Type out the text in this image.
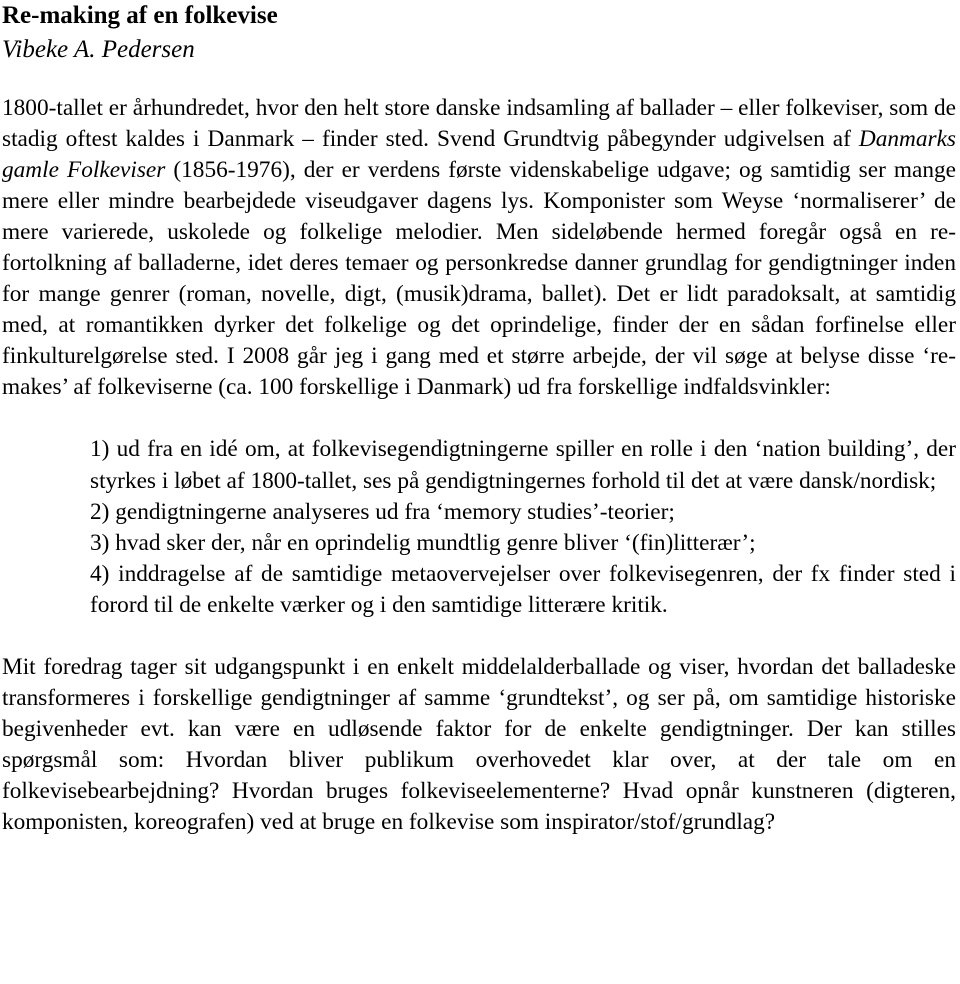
Re-making af en folkevise

Vibeke A. Pedersen

1800-tallet er århundredet, hvor den helt store danske indsamling af ballader – eller folkeviser, som de stadig oftest kaldes i Danmark – finder sted. Svend Grundtvig påbegynder udgivelsen af Danmarks gamle Folkeviser (1856-1976), der er verdens første videnskabelige udgave; og samtidig ser mange mere eller mindre bearbejdede viseudgaver dagens lys. Komponister som Weyse ‘normaliserer’ de mere varierede, uskolede og folkelige melodier. Men sideløbende hermed foregår også en re-fortolkning af balladerne, idet deres temaer og personkredse danner grundlag for gendigtninger inden for mange genrer (roman, novelle, digt, (musik)drama, ballet). Det er lidt paradoksalt, at samtidig med, at romantikken dyrker det folkelige og det oprindelige, finder der en sådan forfinelse eller finkulturelgørelse sted. I 2008 går jeg i gang med et større arbejde, der vil søge at belyse disse ‘re-makes’ af folkeviserne (ca. 100 forskellige i Danmark) ud fra forskellige indfaldsvinkler:

1) ud fra en idé om, at folkevisegendigtningerne spiller en rolle i den ‘nation building’, der styrkes i løbet af 1800-tallet, ses på gendigtningernes forhold til det at være dansk/nordisk;
2) gendigtningerne analyseres ud fra ‘memory studies’-teorier;
3) hvad sker der, når en oprindelig mundtlig genre bliver ‘(fin)litterær’;
4) inddragelse af de samtidige metaovervejelser over folkevisegenren, der fx finder sted i forord til de enkelte værker og i den samtidige litterære kritik.

Mit foredrag tager sit udgangspunkt i en enkelt middelalderballade og viser, hvordan det balladeske transformeres i forskellige gendigtninger af samme ‘grundtekst’, og ser på, om samtidige historiske begivenheder evt. kan være en udløsende faktor for de enkelte gendigtninger. Der kan stilles spørgsmål som: Hvordan bliver publikum overhovedet klar over, at der tale om en folkevisebearbejdning? Hvordan bruges folkeviseelementerne? Hvad opnår kunstneren (digteren, komponisten, koreografen) ved at bruge en folkevise som inspirator/stof/grundlag?
